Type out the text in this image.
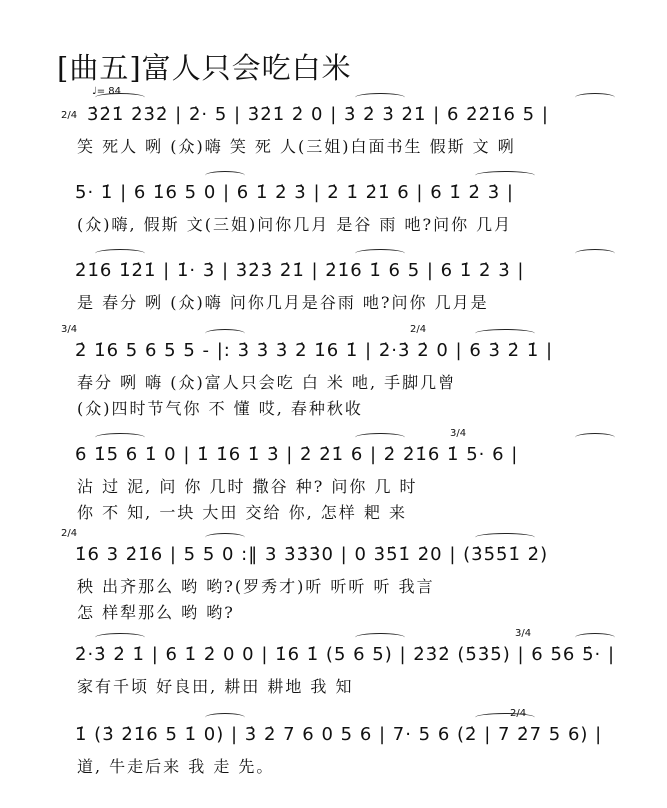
[曲五]富人只会吃白米
♩= 84
2/4 3̇2̇1̇ 2̇3̇2̇ | 2̇· 5 | 3̇2̇1̇ 2̇ 0 | 3̇ 2̇ 3̇ 2̇1̇ | 6 2̇2̇1̇6 5 |
笑 死人 咧 (众)嗨 笑 死 人(三姐)白面书生 假斯 文 咧
5· 1̇ | 6 1̇6 5 0 | 6 1̇ 2̇ 3̇ | 2̇ 1̇ 2̇1̇ 6 | 6 1̇ 2̇ 3̇ |
(众)嗨, 假斯 文(三姐)问你几月 是谷 雨 吔?问你 几月
2̇1̇6 1̇2̇1̇ | 1̇· 3̇ | 3̇2̇3̇ 2̇1̇ | 2̇1̇6 1̇ 6 5 | 6 1̇ 2̇ 3̇ |
是 春分 咧 (众)嗨 问你几月是谷雨 吔?问你 几月是
3/4	2/4
2̇ 1̇6 5 6 5 5 - |: 3̇ 3̇ 3̇ 2̇ 1̇6 1̇ | 2̇·3̇ 2̇ 0 | 6 3̇ 2̇ 1̇ |
春分 咧 嗨 (众)富人只会吃 白 米 吔, 手脚几曾
(众)四时节气你 不 懂 哎, 春种秋收
3/4
6 1̇5 6 1̇ 0 | 1̇ 1̇6 1̇ 3̇ | 2̇ 2̇1̇ 6 | 2̇ 2̇1̇6 1̇ 5· 6 |
沾 过 泥, 问 你 几时 撒谷 种? 问你 几 时
你 不 知, 一块 大田 交给 你, 怎样 耙 来
2/4
1̇6 3 2̇1̇6 | 5 5 0 :‖ 3 3̇3̇3̇0 | 0 3̇5̇1̇ 2̇0 | (3̇5̇5̇1̇ 2̇)
秧 出齐那么 哟 哟?(罗秀才)听 听听 听 我言
怎 样犁那么 哟 哟?
3/4
2̇·3̇ 2̇ 1̇ | 6 1̇ 2̇ 0 0 | 1̇6 1̇ (5 6 5) | 2̇3̇2̇ (5̇3̇5̇) | 6 5̇6 5̇· |
家有千顷 好良田, 耕田 耕地 我 知
2/4
1̇ (3̇ 2̇1̇6 5 1̇ 0) | 3̇ 2̇ 7 6 0 5 6 | 7· 5 6 (2̇ | 7 2̇7 5 6) |
道, 牛走后来 我 走 先。
